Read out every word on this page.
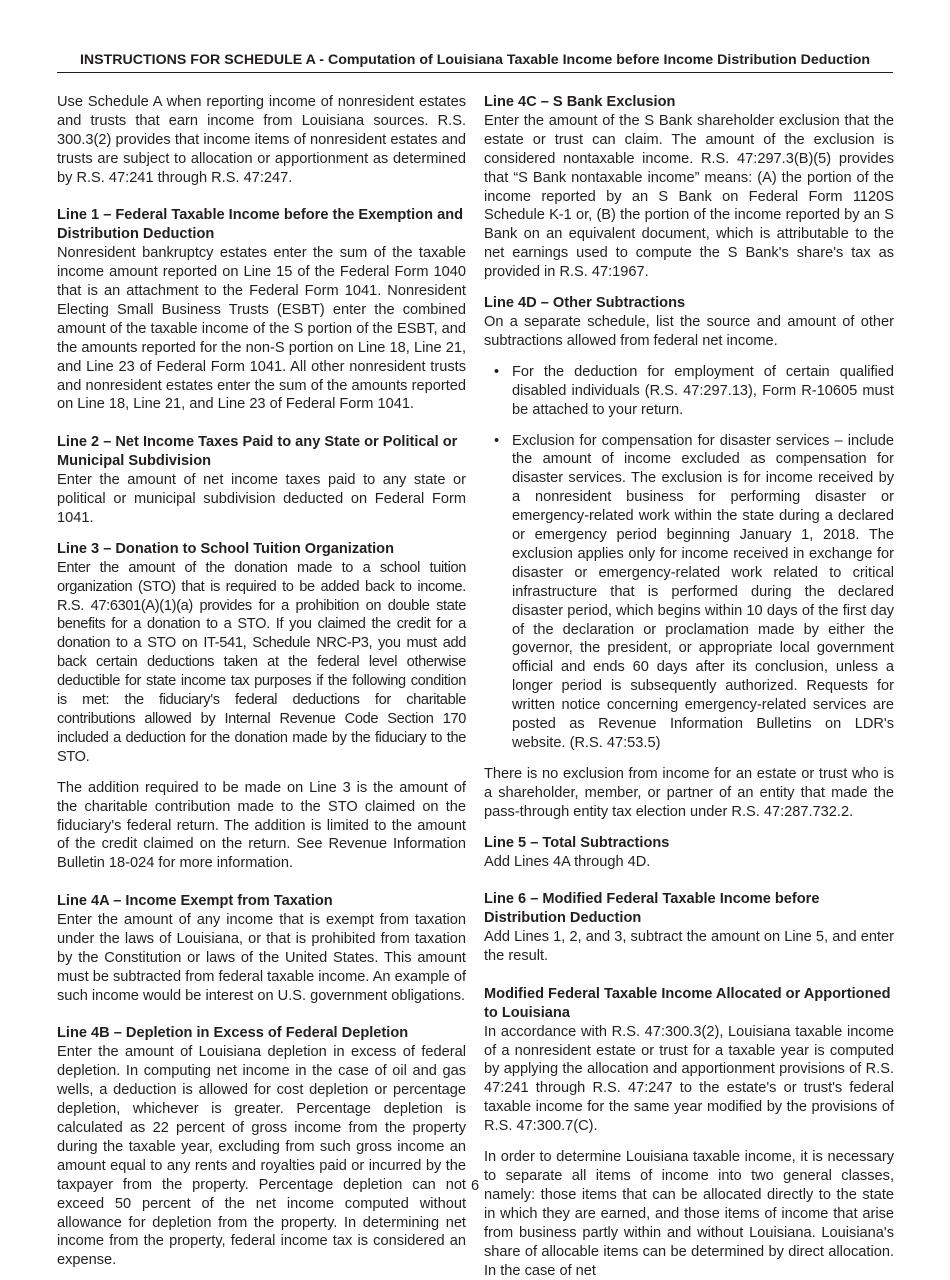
INSTRUCTIONS FOR SCHEDULE A - Computation of Louisiana Taxable Income before Income Distribution Deduction

Use Schedule A when reporting income of nonresident estates and trusts that earn income from Louisiana sources. R.S. 300.3(2) provides that income items of nonresident estates and trusts are subject to allocation or apportionment as determined by R.S. 47:241 through R.S. 47:247.

Line 1 – Federal Taxable Income before the Exemption and Distribution Deduction

Nonresident bankruptcy estates enter the sum of the taxable income amount reported on Line 15 of the Federal Form 1040 that is an attachment to the Federal Form 1041. Nonresident Electing Small Business Trusts (ESBT) enter the combined amount of the taxable income of the S portion of the ESBT, and the amounts reported for the non-S portion on Line 18, Line 21, and Line 23 of Federal Form 1041. All other nonresident trusts and nonresident estates enter the sum of the amounts reported on Line 18, Line 21, and Line 23 of Federal Form 1041.

Line 2 – Net Income Taxes Paid to any State or Political or Municipal Subdivision

Enter the amount of net income taxes paid to any state or political or municipal subdivision deducted on Federal Form 1041.

Line 3 – Donation to School Tuition Organization

Enter the amount of the donation made to a school tuition organization (STO) that is required to be added back to income. R.S. 47:6301(A)(1)(a) provides for a prohibition on double state benefits for a donation to a STO. If you claimed the credit for a donation to a STO on IT-541, Schedule NRC-P3, you must add back certain deductions taken at the federal level otherwise deductible for state income tax purposes if the following condition is met: the fiduciary's federal deductions for charitable contributions allowed by Internal Revenue Code Section 170 included a deduction for the donation made by the fiduciary to the STO.

The addition required to be made on Line 3 is the amount of the charitable contribution made to the STO claimed on the fiduciary's federal return. The addition is limited to the amount of the credit claimed on the return. See Revenue Information Bulletin 18-024 for more information.

Line 4A – Income Exempt from Taxation

Enter the amount of any income that is exempt from taxation under the laws of Louisiana, or that is prohibited from taxation by the Constitution or laws of the United States. This amount must be subtracted from federal taxable income. An example of such income would be interest on U.S. government obligations.

Line 4B – Depletion in Excess of Federal Depletion

Enter the amount of Louisiana depletion in excess of federal depletion. In computing net income in the case of oil and gas wells, a deduction is allowed for cost depletion or percentage depletion, whichever is greater. Percentage depletion is calculated as 22 percent of gross income from the property during the taxable year, excluding from such gross income an amount equal to any rents and royalties paid or incurred by the taxpayer from the property. Percentage depletion can not exceed 50 percent of the net income computed without allowance for depletion from the property. In determining net income from the property, federal income tax is considered an expense.

Line 4C – S Bank Exclusion

Enter the amount of the S Bank shareholder exclusion that the estate or trust can claim. The amount of the exclusion is considered nontaxable income. R.S. 47:297.3(B)(5) provides that “S Bank nontaxable income” means: (A) the portion of the income reported by an S Bank on Federal Form 1120S Schedule K-1 or, (B) the portion of the income reported by an S Bank on an equivalent document, which is attributable to the net earnings used to compute the S Bank's share's tax as provided in R.S. 47:1967.

Line 4D – Other Subtractions

On a separate schedule, list the source and amount of other subtractions allowed from federal net income.

• For the deduction for employment of certain qualified disabled individuals (R.S. 47:297.13), Form R-10605 must be attached to your return.
• Exclusion for compensation for disaster services – include the amount of income excluded as compensation for disaster services. The exclusion is for income received by a nonresident business for performing disaster or emergency-related work within the state during a declared or emergency period beginning January 1, 2018. The exclusion applies only for income received in exchange for disaster or emergency-related work related to critical infrastructure that is performed during the declared disaster period, which begins within 10 days of the first day of the declaration or proclamation made by either the governor, the president, or appropriate local government official and ends 60 days after its conclusion, unless a longer period is subsequently authorized. Requests for written notice concerning emergency-related services are posted as Revenue Information Bulletins on LDR's website. (R.S. 47:53.5)

There is no exclusion from income for an estate or trust who is a shareholder, member, or partner of an entity that made the pass-through entity tax election under R.S. 47:287.732.2.

Line 5 – Total Subtractions

Add Lines 4A through 4D.

Line 6 – Modified Federal Taxable Income before Distribution Deduction

Add Lines 1, 2, and 3, subtract the amount on Line 5, and enter the result.

Modified Federal Taxable Income Allocated or Apportioned to Louisiana

In accordance with R.S. 47:300.3(2), Louisiana taxable income of a nonresident estate or trust for a taxable year is computed by applying the allocation and apportionment provisions of R.S. 47:241 through R.S. 47:247 to the estate's or trust's federal taxable income for the same year modified by the provisions of R.S. 47:300.7(C).

In order to determine Louisiana taxable income, it is necessary to separate all items of income into two general classes, namely: those items that can be allocated directly to the state in which they are earned, and those items of income that arise from business partly within and without Louisiana. Louisiana's share of allocable items can be determined by direct allocation. In the case of net

6
